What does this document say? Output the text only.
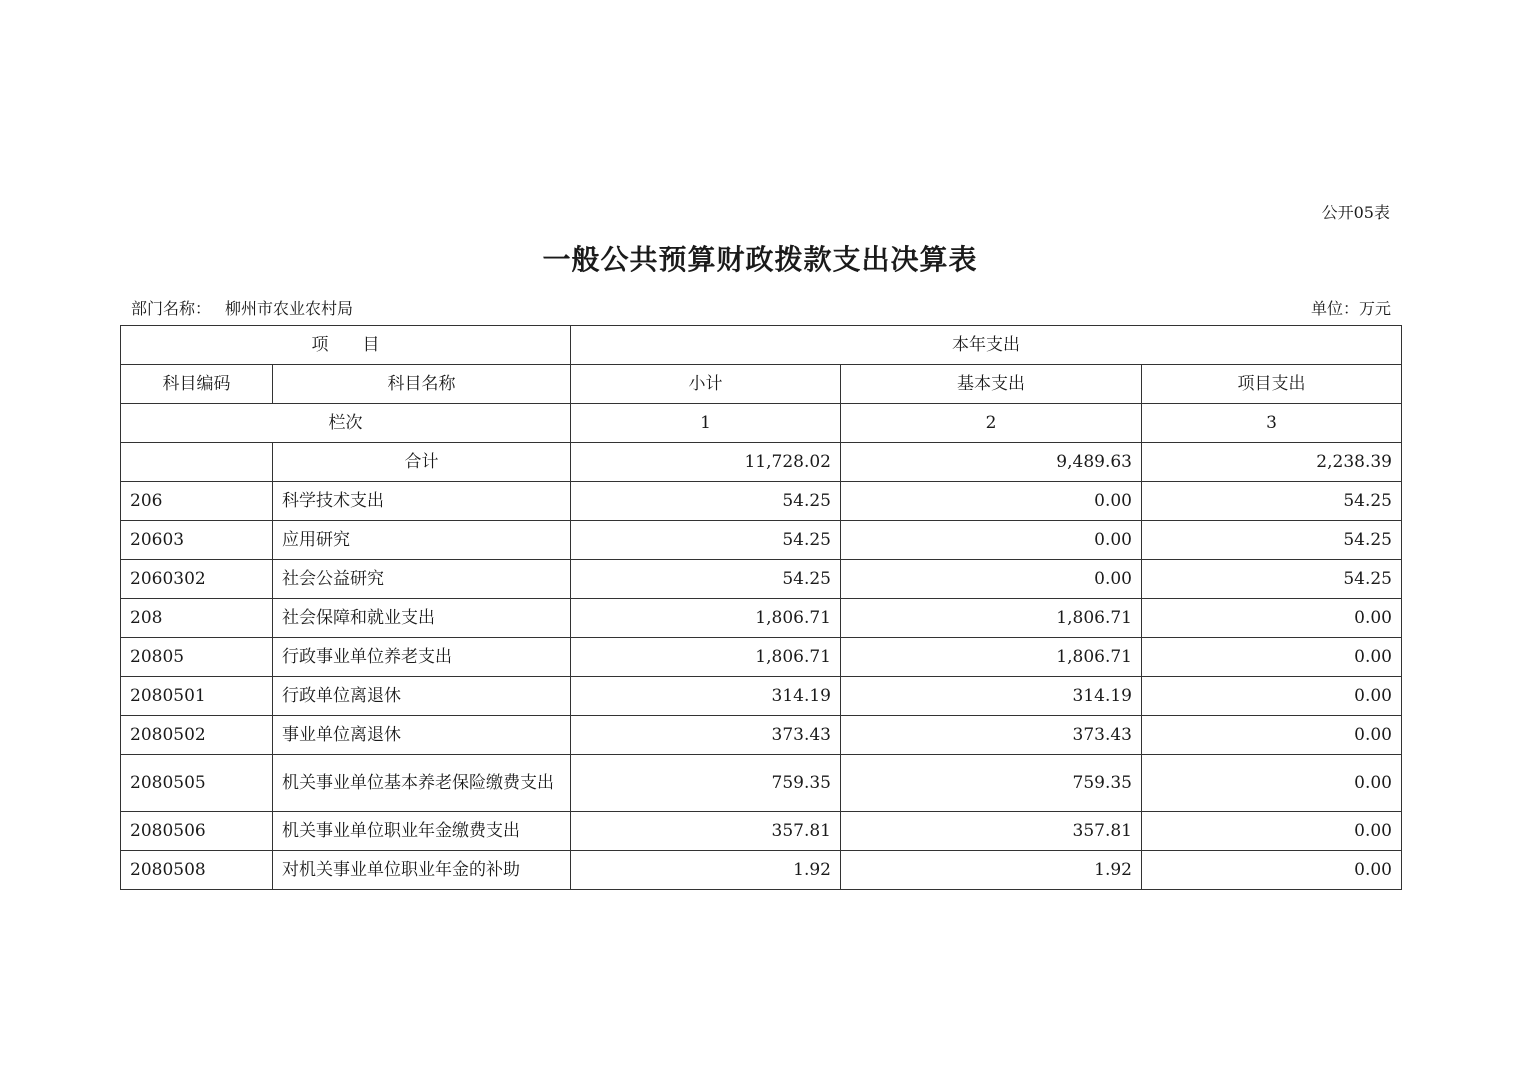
公开05表
一般公共预算财政拨款支出决算表
部门名称： 柳州市农业农村局	单位：万元
项　　目		本年支出		
科目编码	科目名称	小计	基本支出	项目支出
栏次		1	2	3
	合计	11,728.02	9,489.63	2,238.39
206	科学技术支出	54.25	0.00	54.25
20603	应用研究	54.25	0.00	54.25
2060302	社会公益研究	54.25	0.00	54.25
208	社会保障和就业支出	1,806.71	1,806.71	0.00
20805	行政事业单位养老支出	1,806.71	1,806.71	0.00
2080501	行政单位离退休	314.19	314.19	0.00
2080502	事业单位离退休	373.43	373.43	0.00
2080505	机关事业单位基本养老保险缴费支出	759.35	759.35	0.00
2080506	机关事业单位职业年金缴费支出	357.81	357.81	0.00
2080508	对机关事业单位职业年金的补助	1.92	1.92	0.00
